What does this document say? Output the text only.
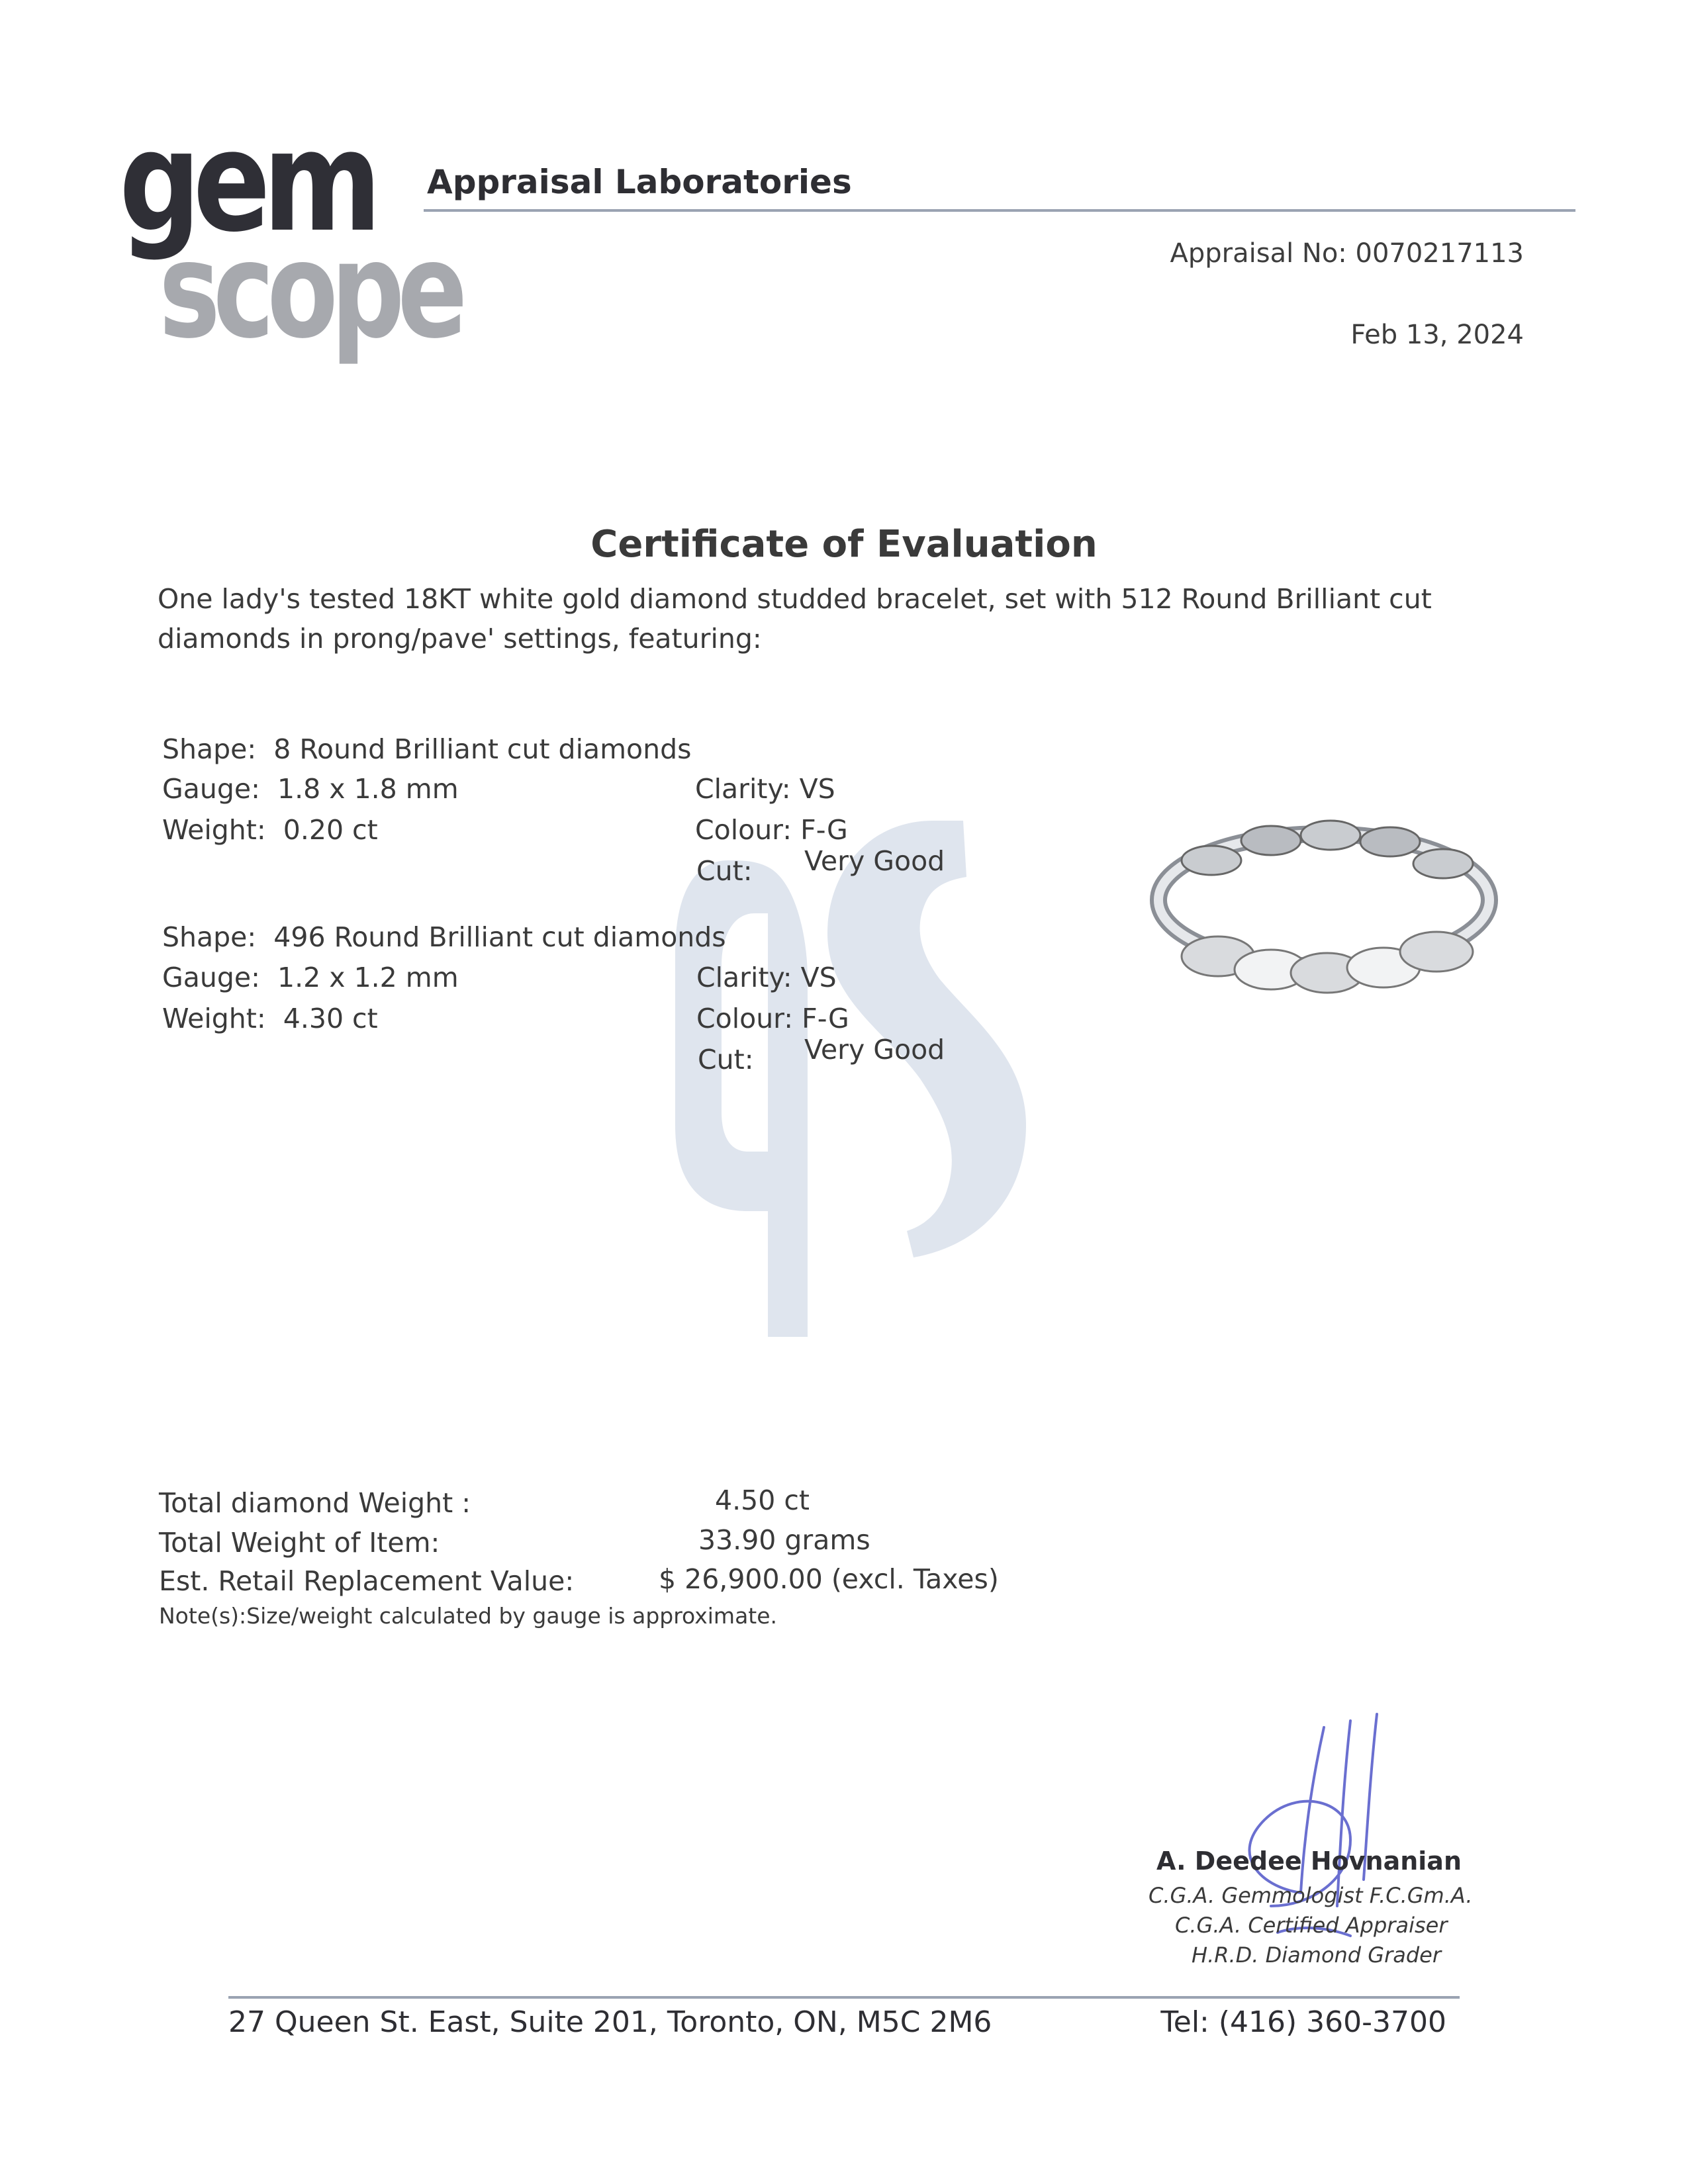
gem
scope
Appraisal Laboratories
Appraisal No: 0070217113
Feb 13, 2024
Certificate of Evaluation
One lady's tested 18KT white gold diamond studded bracelet, set with 512 Round Brilliant cut
diamonds in prong/pave' settings, featuring:
Shape: 8 Round Brilliant cut diamonds
Gauge: 1.8 x 1.8 mm
Weight: 0.20 ct
Clarity: VS
Colour: F-G
Cut: Very Good
Shape: 496 Round Brilliant cut diamonds
Gauge: 1.2 x 1.2 mm
Weight: 4.30 ct
Clarity: VS
Colour: F-G
Cut: Very Good
Total diamond Weight :	4.50 ct
Total Weight of Item:	33.90 grams
Est. Retail Replacement Value:	$ 26,900.00 (excl. Taxes)
Note(s):Size/weight calculated by gauge is approximate.
A. Deedee Hovnanian
C.G.A. Gemmologist F.C.Gm.A.
C.G.A. Certified Appraiser
H.R.D. Diamond Grader
27 Queen St. East, Suite 201, Toronto, ON, M5C 2M6	Tel: (416) 360-3700
